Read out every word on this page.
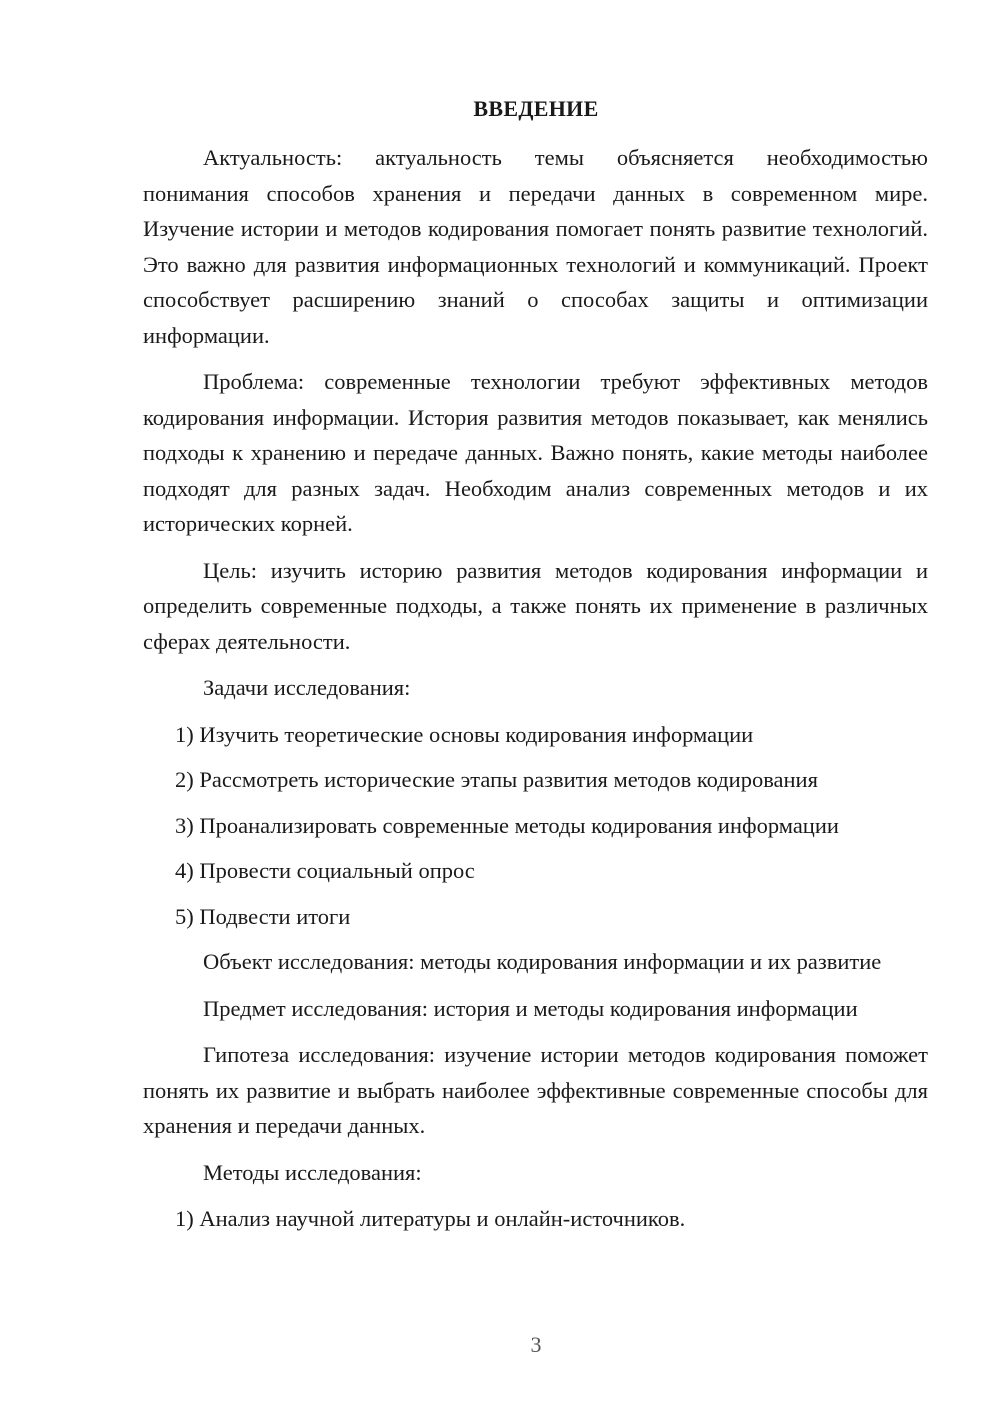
ВВЕДЕНИЕ

Актуальность: актуальность темы объясняется необходимостью понимания способов хранения и передачи данных в современном мире. Изучение истории и методов кодирования помогает понять развитие технологий. Это важно для развития информационных технологий и коммуникаций. Проект способствует расширению знаний о способах защиты и оптимизации информации.

Проблема: современные технологии требуют эффективных методов кодирования информации. История развития методов показывает, как менялись подходы к хранению и передаче данных. Важно понять, какие методы наиболее подходят для разных задач. Необходим анализ современных методов и их исторических корней.

Цель: изучить историю развития методов кодирования информации и определить современные подходы, а также понять их применение в различных сферах деятельности.

Задачи исследования:

1) Изучить теоретические основы кодирования информации

2) Рассмотреть исторические этапы развития методов кодирования

3) Проанализировать современные методы кодирования информации

4) Провести социальный опрос

5) Подвести итоги

Объект исследования: методы кодирования информации и их развитие

Предмет исследования: история и методы кодирования информации

Гипотеза исследования: изучение истории методов кодирования поможет понять их развитие и выбрать наиболее эффективные современные способы для хранения и передачи данных.

Методы исследования:

1) Анализ научной литературы и онлайн-источников.

3
